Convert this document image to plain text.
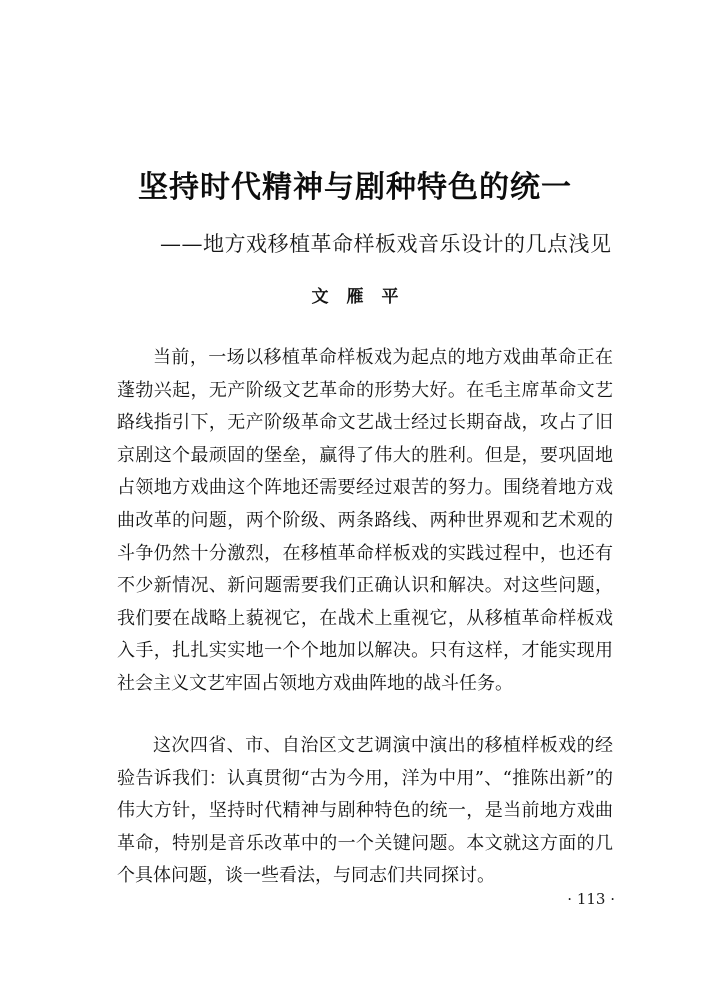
坚持时代精神与剧种特色的统一
——地方戏移植革命样板戏音乐设计的几点浅见
文雁平

当前，一场以移植革命样板戏为起点的地方戏曲革命正在蓬勃兴起，无产阶级文艺革命的形势大好。在毛主席革命文艺路线指引下，无产阶级革命文艺战士经过长期奋战，攻占了旧京剧这个最顽固的堡垒，赢得了伟大的胜利。但是，要巩固地占领地方戏曲这个阵地还需要经过艰苦的努力。围绕着地方戏曲改革的问题，两个阶级、两条路线、两种世界观和艺术观的斗争仍然十分激烈，在移植革命样板戏的实践过程中，也还有不少新情况、新问题需要我们正确认识和解决。对这些问题，我们要在战略上藐视它，在战术上重视它，从移植革命样板戏入手，扎扎实实地一个个地加以解决。只有这样，才能实现用社会主义文艺牢固占领地方戏曲阵地的战斗任务。

这次四省、市、自治区文艺调演中演出的移植样板戏的经验告诉我们：认真贯彻“古为今用，洋为中用”、“推陈出新”的伟大方针，坚持时代精神与剧种特色的统一，是当前地方戏曲革命，特别是音乐改革中的一个关键问题。本文就这方面的几个具体问题，谈一些看法，与同志们共同探讨。

· 113 ·
